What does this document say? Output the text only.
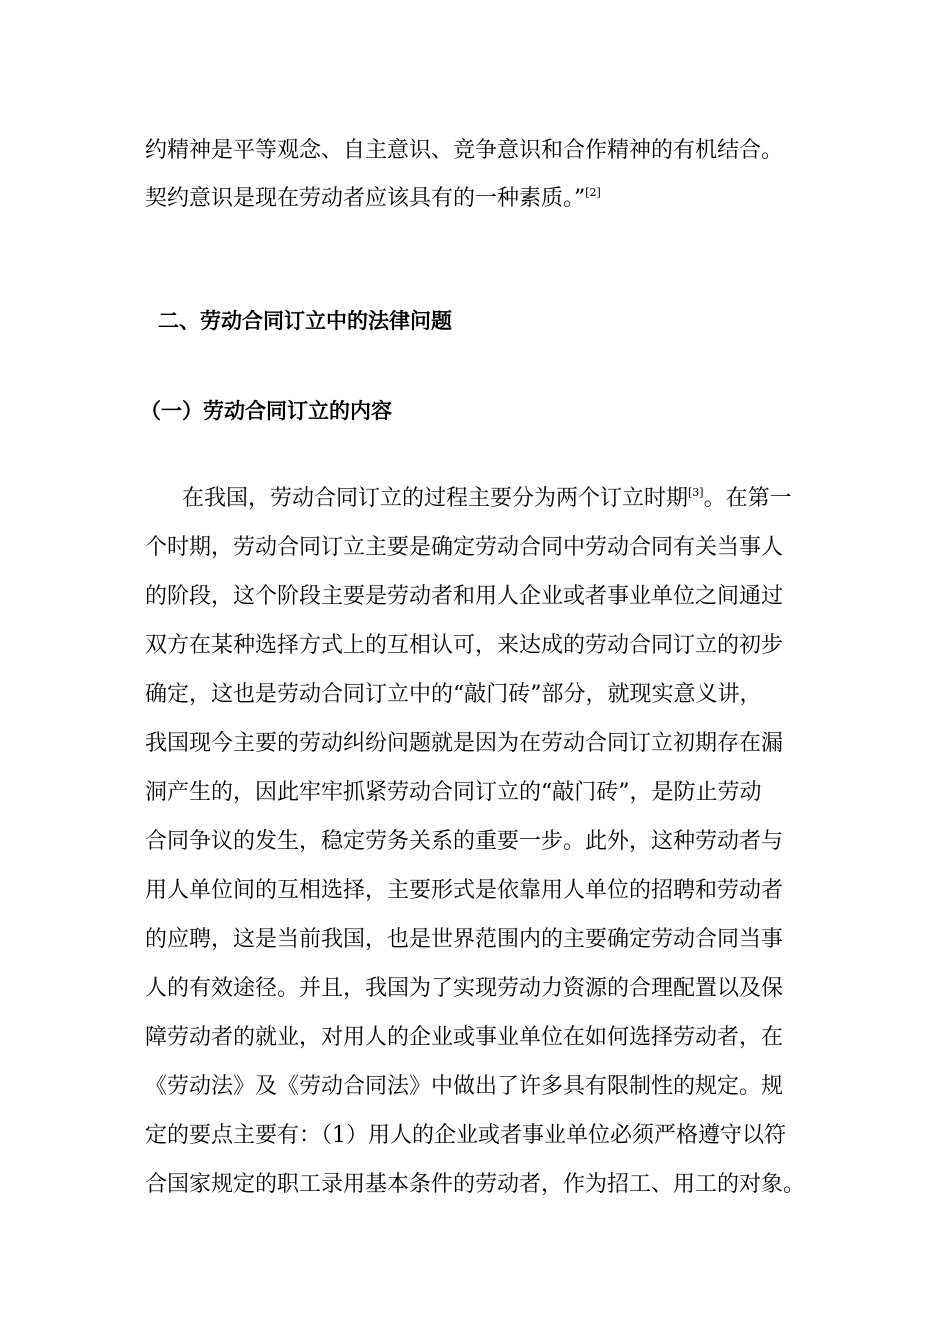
约精神是平等观念、自主意识、竞争意识和合作精神的有机结合。
契约意识是现在劳动者应该具有的一种素质。”[2]
二、劳动合同订立中的法律问题
（一）劳动合同订立的内容
在我国，劳动合同订立的过程主要分为两个订立时期[3]。在第一
个时期，劳动合同订立主要是确定劳动合同中劳动合同有关当事人
的阶段，这个阶段主要是劳动者和用人企业或者事业单位之间通过
双方在某种选择方式上的互相认可，来达成的劳动合同订立的初步
确定，这也是劳动合同订立中的“敲门砖”部分，就现实意义讲，
我国现今主要的劳动纠纷问题就是因为在劳动合同订立初期存在漏
洞产生的，因此牢牢抓紧劳动合同订立的“敲门砖”，是防止劳动
合同争议的发生，稳定劳务关系的重要一步。此外，这种劳动者与
用人单位间的互相选择，主要形式是依靠用人单位的招聘和劳动者
的应聘，这是当前我国，也是世界范围内的主要确定劳动合同当事
人的有效途径。并且，我国为了实现劳动力资源的合理配置以及保
障劳动者的就业，对用人的企业或事业单位在如何选择劳动者，在
《劳动法》及《劳动合同法》中做出了许多具有限制性的规定。规
定的要点主要有：（1）用人的企业或者事业单位必须严格遵守以符
合国家规定的职工录用基本条件的劳动者，作为招工、用工的对象。
